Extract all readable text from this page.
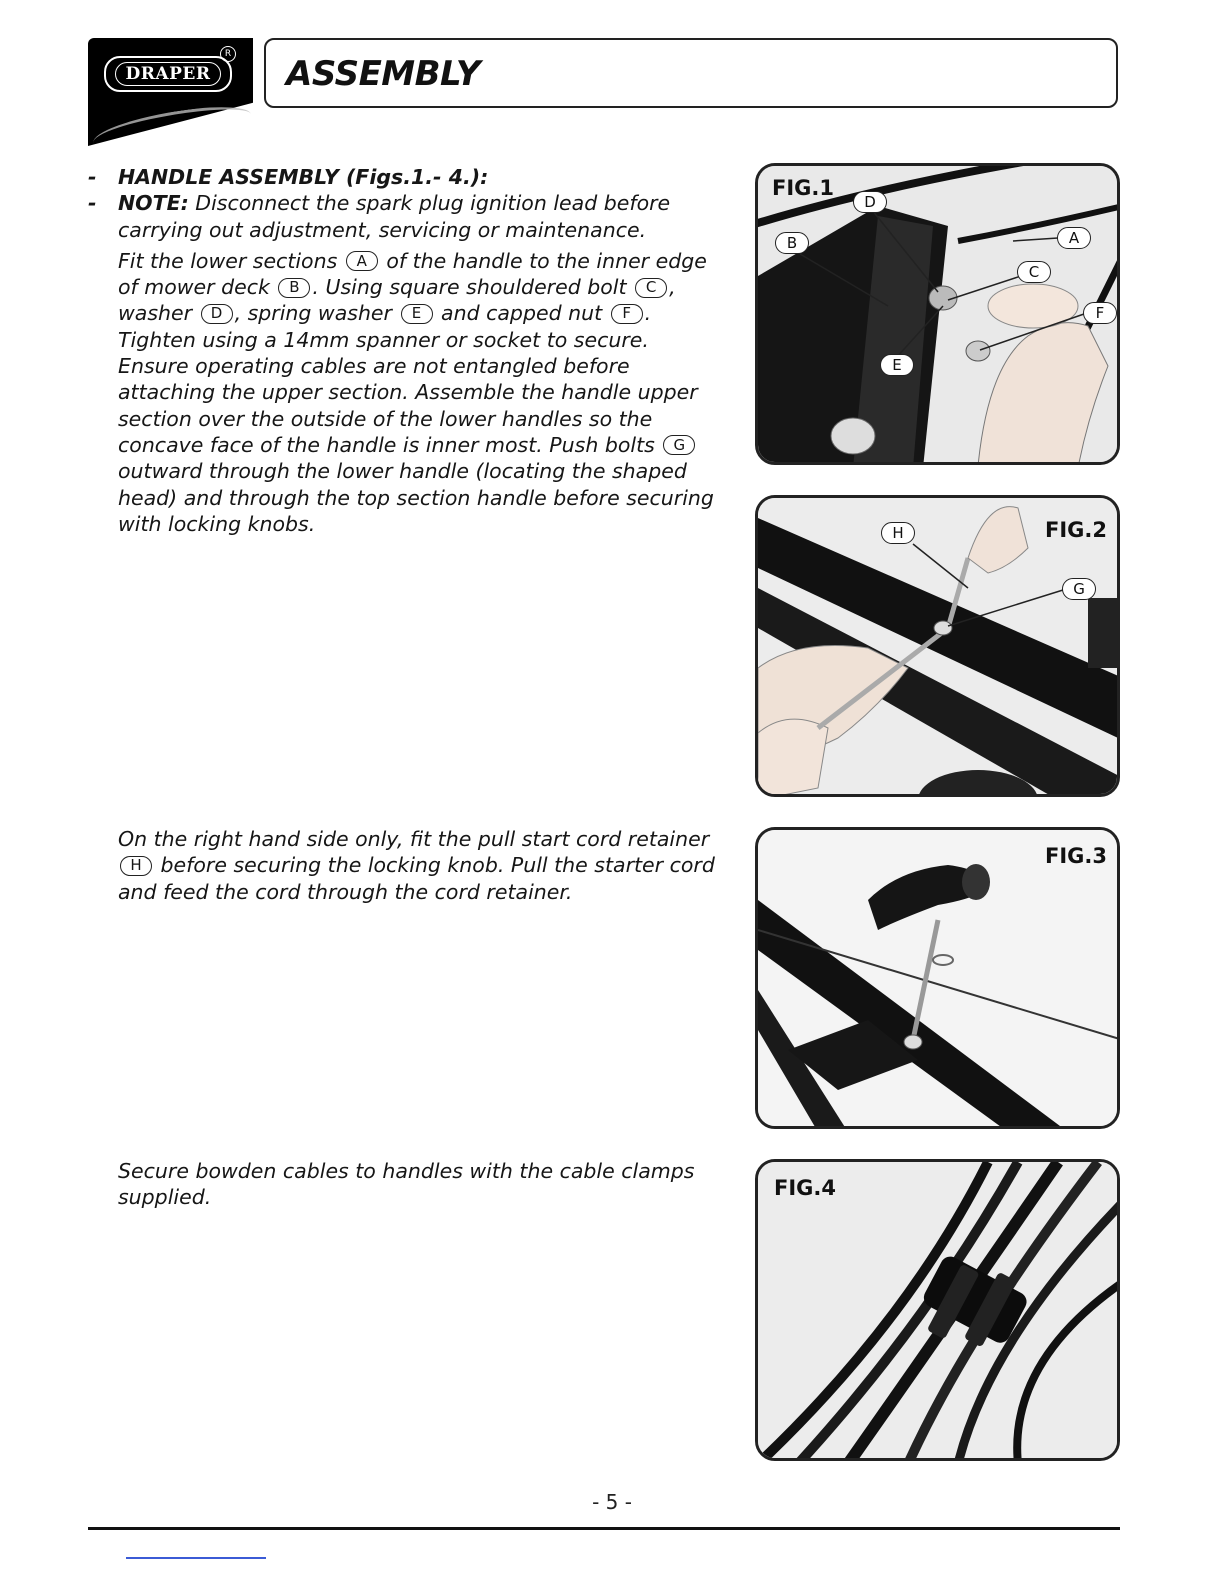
DRAPER
R ASSEMBLY
- HANDLE ASSEMBLY (Figs.1.- 4.):
- NOTE: Disconnect the spark plug ignition lead before carrying out adjustment, servicing or maintenance.
Fit the lower sections A of the handle to the inner edge of mower deck B . Using square shouldered bolt C , washer D , spring washer E and capped nut F . Tighten using a 14mm spanner or socket to secure. Ensure operating cables are not entangled before attaching the upper section. Assemble the handle upper section over the outside of the lower handles so the concave face of the handle is inner most. Push bolts G outward through the lower handle (locating the shaped head) and through the top section handle before securing with locking knobs.
On the right hand side only, fit the pull start cord retainer H before securing the locking knob. Pull the starter cord and feed the cord through the cord retainer.
Secure bowden cables to handles with the cable clamps supplied.
FIG.1
D
B	A
C
F
E
H	FIG.2
G
FIG.3
FIG.4
- 5 -
